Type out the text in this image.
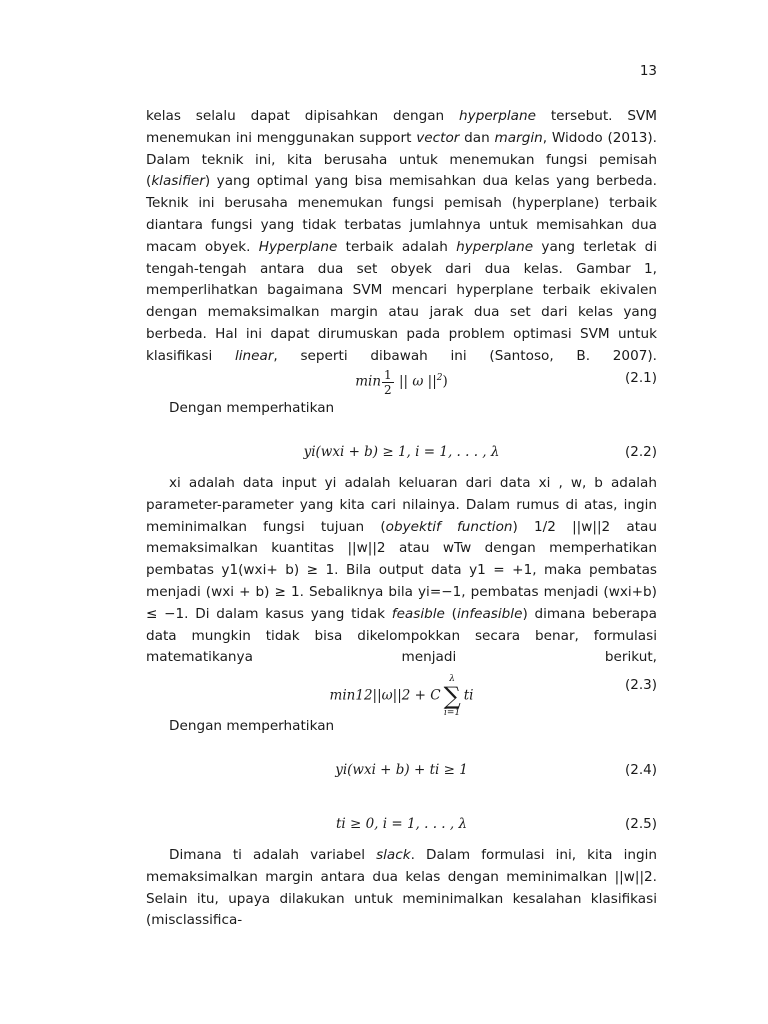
13
kelas selalu dapat dipisahkan dengan hyperplane tersebut. SVM menemukan ini menggunakan support vector dan margin, Widodo (2013). Dalam teknik ini, kita berusaha untuk menemukan fungsi pemisah (klasifier) yang optimal yang bisa memisahkan dua kelas yang berbeda. Teknik ini berusaha menemukan fungsi pemisah (hyperplane) terbaik diantara fungsi yang tidak terbatas jumlahnya untuk memisahkan dua macam obyek. Hyperplane terbaik adalah hyperplane yang terletak di tengah-tengah antara dua set obyek dari dua kelas. Gambar 1, memperlihatkan bagaimana SVM mencari hyperplane terbaik ekivalen dengan memaksimalkan margin atau jarak dua set dari kelas yang berbeda. Hal ini dapat dirumuskan pada problem optimasi SVM untuk klasifikasi linear, seperti dibawah ini (Santoso, B. 2007).
$\min \frac{1}{2}$ || ω $||^2$)	(2.1)
Dengan memperhatikan
yi(wxi + b) ≥ 1, i = 1, . . . , λ	(2.2)
xi adalah data input yi adalah keluaran dari data xi , w, b adalah parameter-parameter yang kita cari nilainya. Dalam rumus di atas, ingin meminimalkan fungsi tujuan (obyektif function) 1/2 ||w||2 atau memaksimalkan kuantitas ||w||2 atau wTw dengan memperhatikan pembatas y1(wxi+ b) ≥ 1. Bila output data y1 = +1, maka pembatas menjadi (wxi + b) ≥ 1. Sebaliknya bila yi=−1, pembatas menjadi (wxi+b) ≤ −1. Di dalam kasus yang tidak feasible (infeasible) dimana beberapa data mungkin tidak bisa dikelompokkan secara benar, formulasi matematikanya menjadi berikut,
min12||ω||2 + C
λ
∑
i=1
ti
(2.3)
Dengan memperhatikan
yi(wxi + b) + ti ≥ 1	(2.4)
ti ≥ 0, i = 1, . . . , λ	(2.5)
Dimana ti adalah variabel slack. Dalam formulasi ini, kita ingin memaksimalkan margin antara dua kelas dengan meminimalkan ||w||2. Selain itu, upaya dilakukan untuk meminimalkan kesalahan klasifikasi (misclassifica-
